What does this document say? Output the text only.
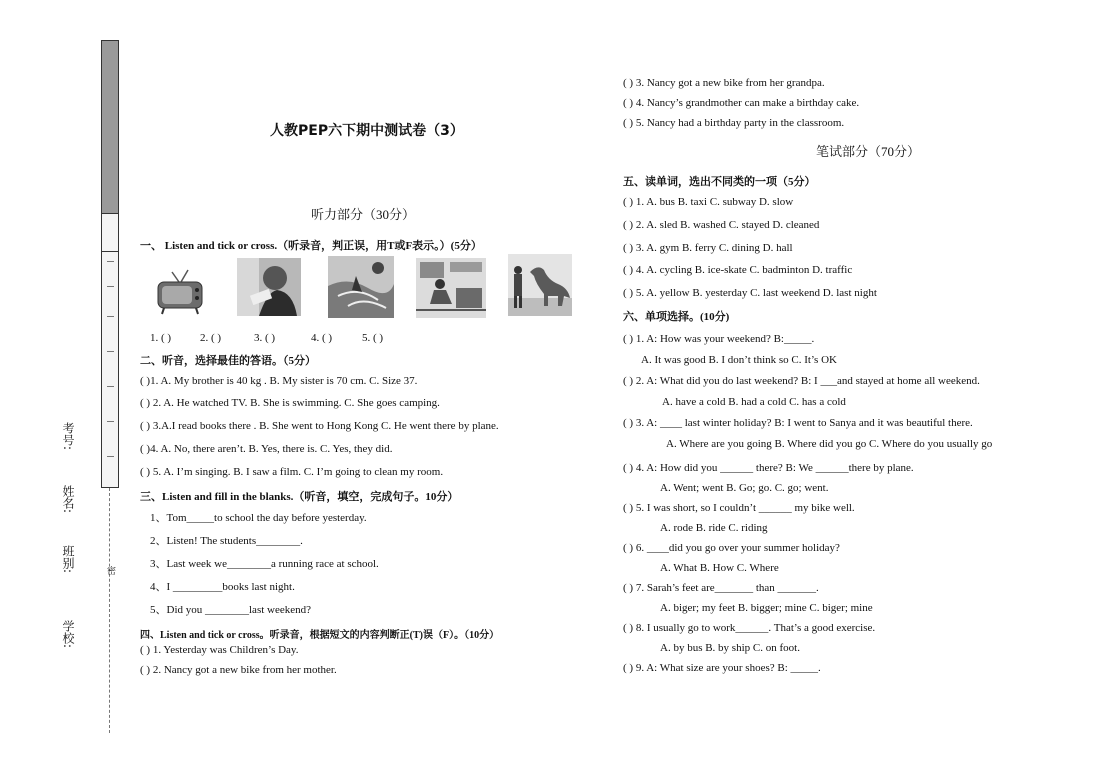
密
学校:
班别:
姓名:
考号:
人教PEP六下期中测试卷（3）
听力部分（30分）
一、 Listen and tick or cross.（听录音，判正误，用T或F表示。）(5分）
1. ( )	2. ( )	3. ( )	4. ( )	5. ( )
二、听音，选择最佳的答语。（5分）
( )1. A. My brother is 40 kg . B. My sister is 70 cm. C. Size 37.
( ) 2. A. He watched TV. B. She is swimming. C. She goes camping.
( ) 3.A.I read books there . B. She went to Hong Kong C. He went there by plane.
( )4. A. No, there aren’t. B. Yes, there is. C. Yes, they did.
( ) 5. A. I’m singing. B. I saw a film. C. I’m going to clean my room.
三、Listen and fill in the blanks.（听音，填空，完成句子。10分）
1、Tom_____to school the day before yesterday.
2、Listen! The students________.
3、Last week we________a running race at school.
4、I _________books last night.
5、Did you ________last weekend?
四、Listen and tick or cross。听录音，根据短文的内容判断正(T)误（F）。（10分）
( ) 1. Yesterday was Children’s Day.
( ) 2. Nancy got a new bike from her mother.
( ) 3. Nancy got a new bike from her grandpa.
( ) 4. Nancy’s grandmother can make a birthday cake.
( ) 5. Nancy had a birthday party in the classroom.
笔试部分（70分）
五、读单词，选出不同类的一项（5分）
( ) 1. A. bus B. taxi C. subway D. slow
( ) 2. A. sled B. washed C. stayed D. cleaned
( ) 3. A. gym B. ferry C. dining D. hall
( ) 4. A. cycling B. ice-skate C. badminton D. traffic
( ) 5. A. yellow B. yesterday C. last weekend D. last night
六、单项选择。(10分)
( ) 1. A: How was your weekend? B:_____.
A. It was good B. I don’t think so C. It’s OK
( ) 2. A: What did you do last weekend? B: I ___and stayed at home all weekend.
A. have a cold B. had a cold C. has a cold
( ) 3. A: ____ last winter holiday? B: I went to Sanya and it was beautiful there.
A. Where are you going B. Where did you go C. Where do you usually go
( ) 4. A: How did you ______ there? B: We ______there by plane.
A. Went; went B. Go; go. C. go; went.
( ) 5. I was short, so I couldn’t ______ my bike well.
A. rode B. ride C. riding
( ) 6. ____did you go over your summer holiday?
A. What B. How C. Where
( ) 7. Sarah’s feet are_______ than _______.
A. biger; my feet B. bigger; mine C. biger; mine
( ) 8. I usually go to work______. That’s a good exercise.
A. by bus B. by ship C. on foot.
( ) 9. A: What size are your shoes? B: _____.
